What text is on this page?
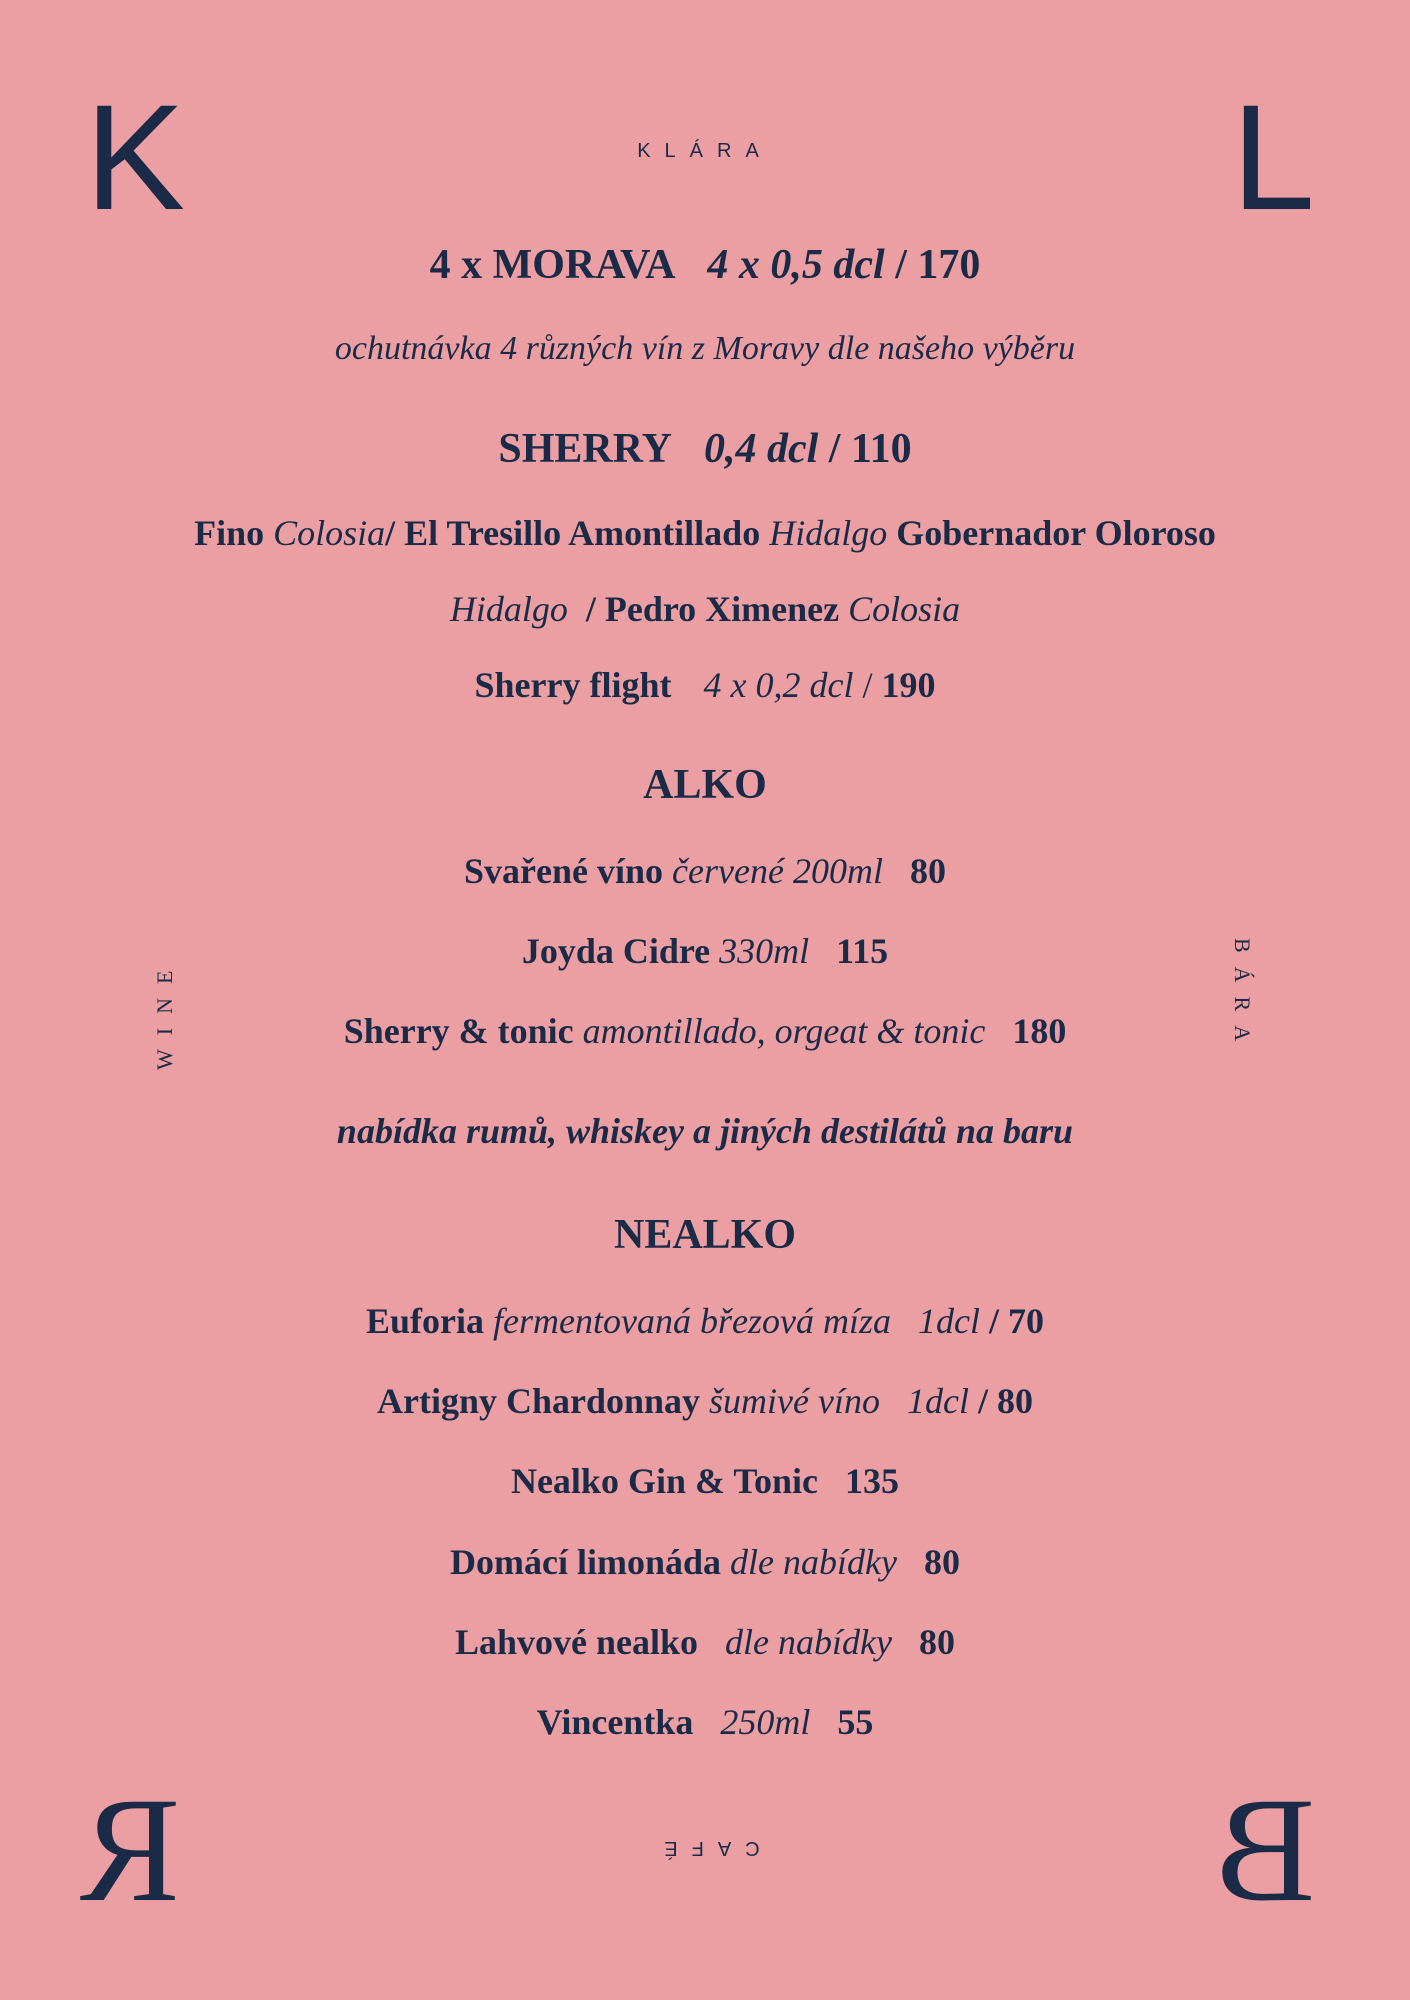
K	L
R	B
KLÁRA
WINE	BÁRA
CAFÉ
4 x MORAVA 4 x 0,5 dcl / 170
ochutnávka 4 různých vín z Moravy dle našeho výběru
SHERRY 0,4 dcl / 110
Fino Colosia/ El Tresillo Amontillado Hidalgo Gobernador Oloroso
Hidalgo / Pedro Ximenez Colosia
Sherry flight 4 x 0,2 dcl / 190
ALKO
Svařené víno červené 200ml 80
Joyda Cidre 330ml 115
Sherry & tonic amontillado, orgeat & tonic 180
nabídka rumů, whiskey a jiných destilátů na baru
NEALKO
Euforia fermentovaná březová míza 1dcl / 70
Artigny Chardonnay šumivé víno 1dcl / 80
Nealko Gin & Tonic 135
Domácí limonáda dle nabídky 80
Lahvové nealko dle nabídky 80
Vincentka 250ml 55
